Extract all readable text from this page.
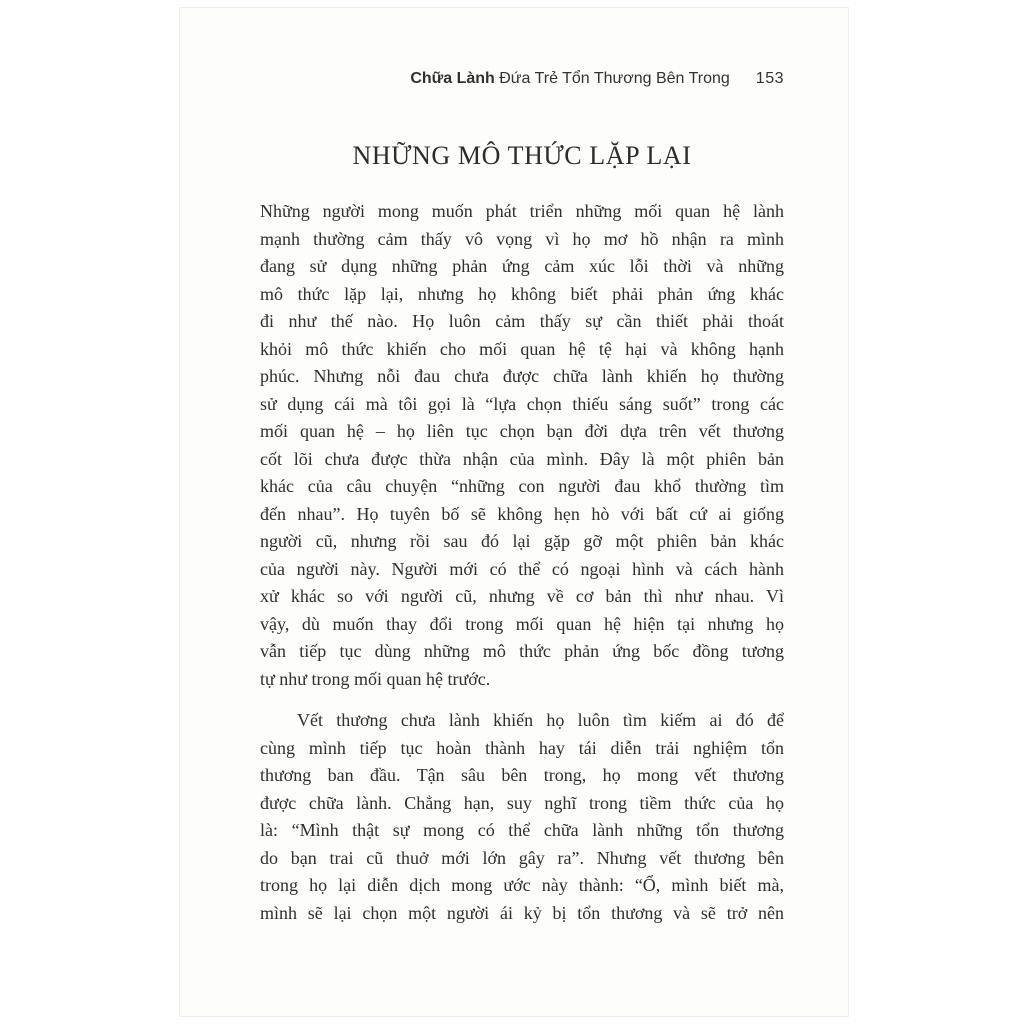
Chữa Lành Đứa Trẻ Tổn Thương Bên Trong 153
NHỮNG MÔ THỨC LẶP LẠI
Những người mong muốn phát triển những mối quan hệ lành
mạnh thường cảm thấy vô vọng vì họ mơ hồ nhận ra mình
đang sử dụng những phản ứng cảm xúc lỗi thời và những
mô thức lặp lại, nhưng họ không biết phải phản ứng khác
đi như thế nào. Họ luôn cảm thấy sự cần thiết phải thoát
khỏi mô thức khiến cho mối quan hệ tệ hại và không hạnh
phúc. Nhưng nỗi đau chưa được chữa lành khiến họ thường
sử dụng cái mà tôi gọi là “lựa chọn thiếu sáng suốt” trong các
mối quan hệ – họ liên tục chọn bạn đời dựa trên vết thương
cốt lõi chưa được thừa nhận của mình. Đây là một phiên bản
khác của câu chuyện “những con người đau khổ thường tìm
đến nhau”. Họ tuyên bố sẽ không hẹn hò với bất cứ ai giống
người cũ, nhưng rồi sau đó lại gặp gỡ một phiên bản khác
của người này. Người mới có thể có ngoại hình và cách hành
xử khác so với người cũ, nhưng về cơ bản thì như nhau. Vì
vậy, dù muốn thay đổi trong mối quan hệ hiện tại nhưng họ
vẫn tiếp tục dùng những mô thức phản ứng bốc đồng tương
tự như trong mối quan hệ trước.
Vết thương chưa lành khiến họ luôn tìm kiếm ai đó để
cùng mình tiếp tục hoàn thành hay tái diễn trải nghiệm tổn
thương ban đầu. Tận sâu bên trong, họ mong vết thương
được chữa lành. Chẳng hạn, suy nghĩ trong tiềm thức của họ
là: “Mình thật sự mong có thể chữa lành những tổn thương
do bạn trai cũ thuở mới lớn gây ra”. Nhưng vết thương bên
trong họ lại diễn dịch mong ước này thành: “Ổ, mình biết mà,
mình sẽ lại chọn một người ái kỷ bị tổn thương và sẽ trở nên
